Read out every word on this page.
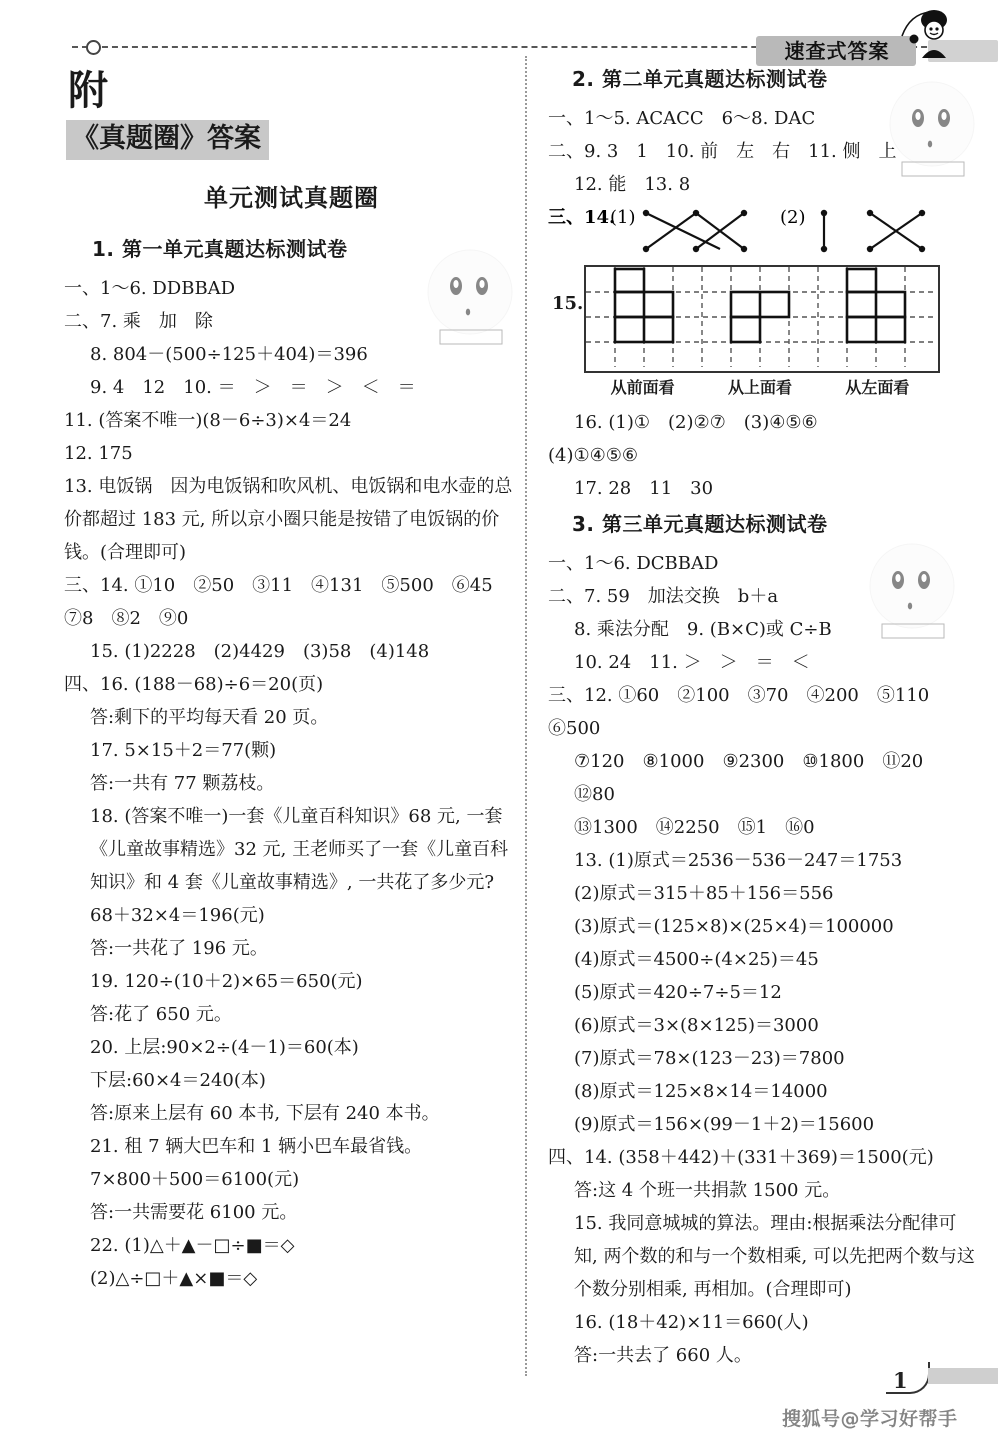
速查式答案
附
《真题圈》答案
单元测试真题圈
1. 第一单元真题达标测试卷
一、1～6. DDBBAD
二、7. 乘　加　除
8. 804－(500÷125＋404)＝396
9. 4　12　10. ＝　＞　＝　＞　＜　＝
11. (答案不唯一)(8－6÷3)×4＝24
12. 175
13. 电饭锅　因为电饭锅和吹风机、电饭锅和电水壶的总价都超过 183 元, 所以京小圈只能是按错了电饭锅的价钱。(合理即可)
三、14. ①10　②50　③11　④131　⑤500　⑥45 ⑦8　⑧2　⑨0
15. (1)2228　(2)4429　(3)58　(4)148
四、16. (188－68)÷6＝20(页)
答:剩下的平均每天看 20 页。
17. 5×15＋2＝77(颗)
答:一共有 77 颗荔枝。
18. (答案不唯一)一套《儿童百科知识》68 元, 一套《儿童故事精选》32 元, 王老师买了一套《儿童百科知识》和 4 套《儿童故事精选》, 一共花了多少元?
68＋32×4＝196(元)
答:一共花了 196 元。
19. 120÷(10＋2)×65＝650(元)
答:花了 650 元。
20. 上层:90×2÷(4－1)＝60(本)
下层:60×4＝240(本)
答:原来上层有 60 本书, 下层有 240 本书。
21. 租 7 辆大巴车和 1 辆小巴车最省钱。
7×800＋500＝6100(元)
答:一共需要花 6100 元。
22. (1)△＋▲－□÷■＝◇
(2)△÷□＋▲×■＝◇
2. 第二单元真题达标测试卷
一、1～5. ACACC　6～8. DAC
二、9. 3　1　10. 前　左　右　11. 侧　上
12. 能　13. 8
三、14.
(1)	(2)
15.
从前面看	从上面看	从左面看
16. (1)①　(2)②⑦　(3)④⑤⑥
(4)①④⑤⑥
17. 28　11　30
3. 第三单元真题达标测试卷
一、1～6. DCBBAD
二、7. 59　加法交换　b＋a
8. 乘法分配　9. (B×C)或 C÷B
10. 24　11. ＞　＞　＝　＜
三、12. ①60　②100　③70　④200　⑤110　⑥500
⑦120　⑧1000　⑨2300　⑩1800　⑪20　⑫80
⑬1300　⑭2250　⑮1　⑯0
13. (1)原式＝2536－536－247＝1753
(2)原式＝315＋85＋156＝556
(3)原式＝(125×8)×(25×4)＝100000
(4)原式＝4500÷(4×25)＝45
(5)原式＝420÷7÷5＝12
(6)原式＝3×(8×125)＝3000
(7)原式＝78×(123－23)＝7800
(8)原式＝125×8×14＝14000
(9)原式＝156×(99－1＋2)＝15600
四、14. (358＋442)＋(331＋369)＝1500(元)
答:这 4 个班一共捐款 1500 元。
15. 我同意城城的算法。理由:根据乘法分配律可知, 两个数的和与一个数相乘, 可以先把两个数与这个数分别相乘, 再相加。(合理即可)
16. (18＋42)×11＝660(人)
答:一共去了 660 人。
1
搜狐号@学习好帮手
